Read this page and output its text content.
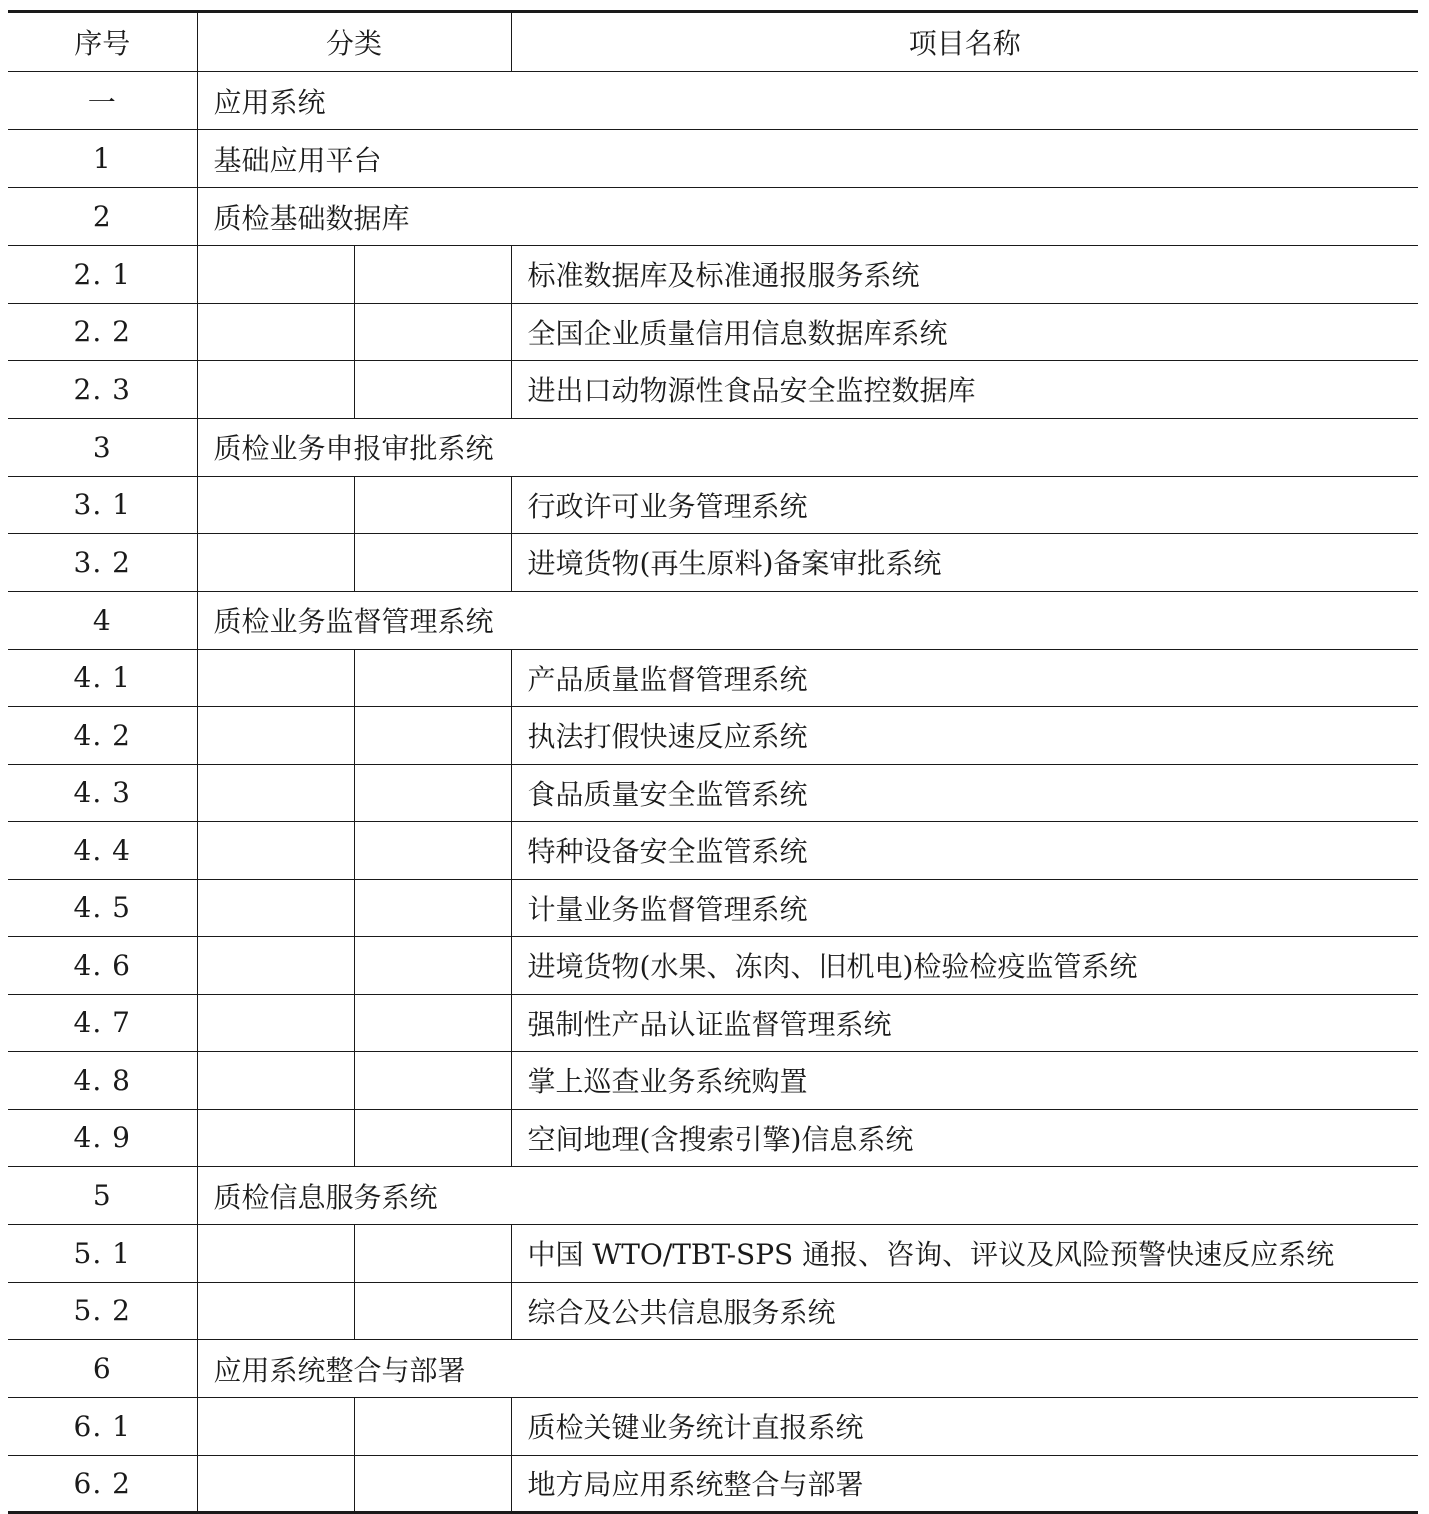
序号	分类		项目名称
一	应用系统		
1	基础应用平台		
2	质检基础数据库		
2. 1			标准数据库及标准通报服务系统
2. 2			全国企业质量信用信息数据库系统
2. 3			进出口动物源性食品安全监控数据库
3	质检业务申报审批系统		
3. 1			行政许可业务管理系统
3. 2			进境货物(再生原料)备案审批系统
4	质检业务监督管理系统		
4. 1			产品质量监督管理系统
4. 2			执法打假快速反应系统
4. 3			食品质量安全监管系统
4. 4			特种设备安全监管系统
4. 5			计量业务监督管理系统
4. 6			进境货物(水果、冻肉、旧机电)检验检疫监管系统
4. 7			强制性产品认证监督管理系统
4. 8			掌上巡查业务系统购置
4. 9			空间地理(含搜索引擎)信息系统
5	质检信息服务系统		
5. 1			中国 WTO/TBT-SPS 通报、咨询、评议及风险预警快速反应系统
5. 2			综合及公共信息服务系统
6	应用系统整合与部署		
6. 1			质检关键业务统计直报系统
6. 2			地方局应用系统整合与部署
